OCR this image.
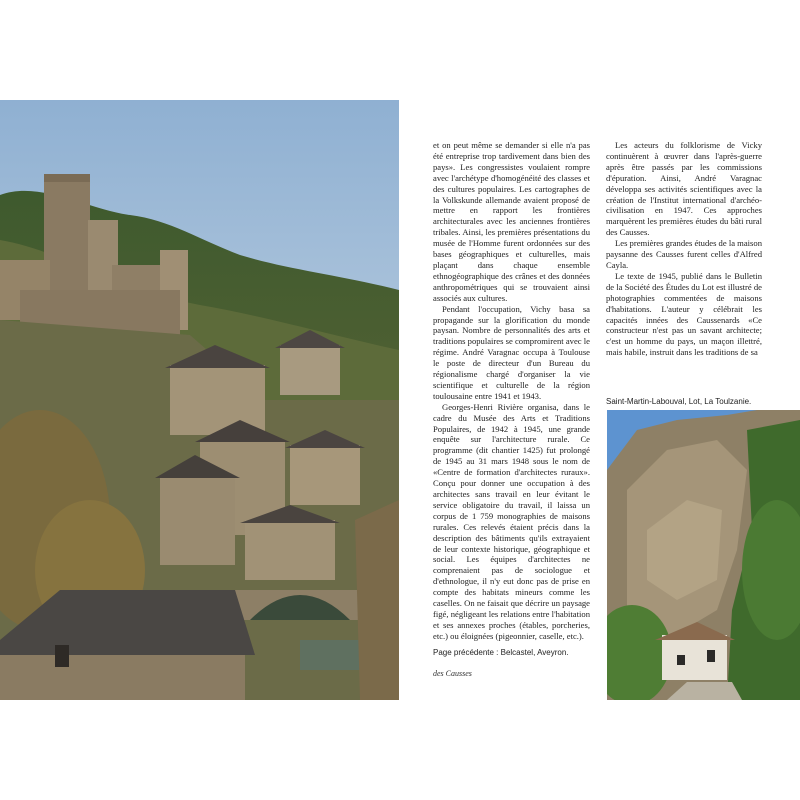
et on peut même se demander si elle n'a pas été entreprise trop tardivement dans bien des pays». Les congressistes voulaient rompre avec l'archétype d'homogénéité des classes et des cultures populaires. Les cartographes de la Volkskunde allemande avaient proposé de mettre en rapport les frontières architecturales avec les anciennes frontières tribales. Ainsi, les premières présentations du musée de l'Homme furent ordonnées sur des bases géographiques et culturelles, mais plaçant dans chaque ensemble ethnogéographique des crânes et des données anthropométriques qui se trouvaient ainsi associés aux cultures.

Pendant l'occupation, Vichy basa sa propagande sur la glorification du monde paysan. Nombre de personnalités des arts et traditions populaires se compromirent avec le régime. André Varagnac occupa à Toulouse le poste de directeur d'un Bureau du régionalisme chargé d'organiser la vie scientifique et culturelle de la région toulousaine entre 1941 et 1943.

Georges-Henri Rivière organisa, dans le cadre du Musée des Arts et Traditions Populaires, de 1942 à 1945, une grande enquête sur l'architecture rurale. Ce programme (dit chantier 1425) fut prolongé de 1945 au 31 mars 1948 sous le nom de «Centre de formation d'architectes ruraux». Conçu pour donner une occupation à des architectes sans travail en leur évitant le service obligatoire du travail, il laissa un corpus de 1 759 monographies de maisons rurales. Ces relevés étaient précis dans la description des bâtiments qu'ils extrayaient de leur contexte historique, géographique et social. Les équipes d'architectes ne comprenaient pas de sociologue et d'ethnologue, il n'y eut donc pas de prise en compte des habitats mineurs comme les caselles. On ne faisait que décrire un paysage figé, négligeant les relations entre l'habitation et ses annexes proches (étables, porcheries, etc.) ou éloignées (pigeonnier, caselle, etc.).

Page précédente : Belcastel, Aveyron.
des Causses

Les acteurs du folklorisme de Vicky continuèrent à œuvrer dans l'après-guerre après être passés par les commissions d'épuration. Ainsi, André Varagnac développa ses activités scientifiques avec la création de l'Institut international d'archéo-civilisation en 1947. Ces approches marquèrent les premières études du bâti rural des Causses.

Les premières grandes études de la maison paysanne des Causses furent celles d'Alfred Cayla.

Le texte de 1945, publié dans le Bulletin de la Société des Études du Lot est illustré de photographies commentées de maisons d'habitations. L'auteur y célébrait les capacités innées des Caussenards «Ce constructeur n'est pas un savant architecte; c'est un homme du pays, un maçon illettré, mais habile, instruit dans les traditions de sa

Saint-Martin-Labouval, Lot, La Toulzanie.
